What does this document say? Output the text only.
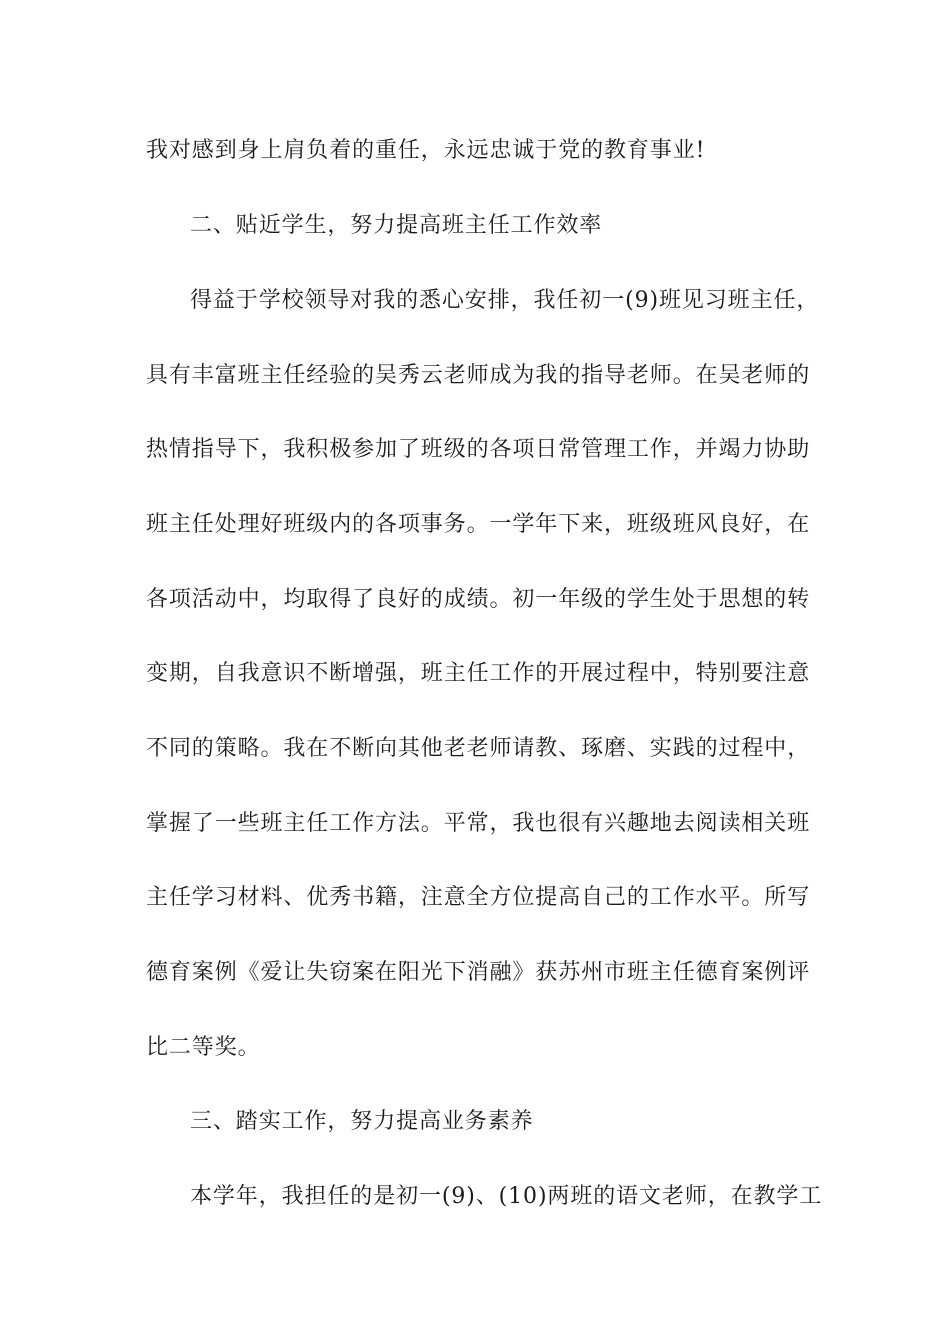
我对感到身上肩负着的重任，永远忠诚于党的教育事业!
二、贴近学生，努力提高班主任工作效率
得益于学校领导对我的悉心安排，我任初一(9)班见习班主任，
具有丰富班主任经验的吴秀云老师成为我的指导老师。在吴老师的
热情指导下，我积极参加了班级的各项日常管理工作，并竭力协助
班主任处理好班级内的各项事务。一学年下来，班级班风良好，在
各项活动中，均取得了良好的成绩。初一年级的学生处于思想的转
变期，自我意识不断增强，班主任工作的开展过程中，特别要注意
不同的策略。我在不断向其他老老师请教、琢磨、实践的过程中，
掌握了一些班主任工作方法。平常，我也很有兴趣地去阅读相关班
主任学习材料、优秀书籍，注意全方位提高自己的工作水平。所写
德育案例《爱让失窃案在阳光下消融》获苏州市班主任德育案例评
比二等奖。
三、踏实工作，努力提高业务素养
本学年，我担任的是初一(9)、(10)两班的语文老师，在教学工
